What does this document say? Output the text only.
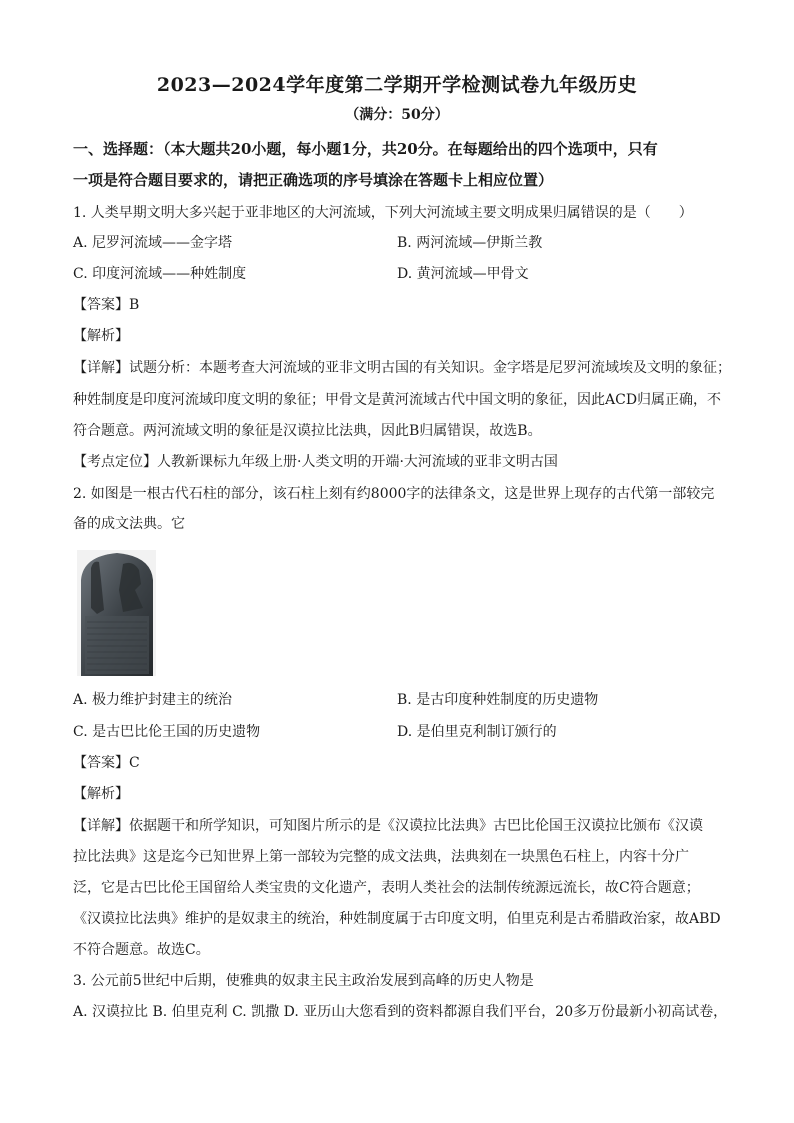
2023—2024学年度第二学期开学检测试卷九年级历史
（满分：50分）
一、选择题：（本大题共20小题，每小题1分，共20分。在每题给出的四个选项中，只有
一项是符合题目要求的，请把正确选项的序号填涂在答题卡上相应位置）
1. 人类早期文明大多兴起于亚非地区的大河流域，下列大河流域主要文明成果归属错误的是（　　）
A. 尼罗河流域——金字塔	B. 两河流域—伊斯兰教
C. 印度河流域——种姓制度	D. 黄河流域—甲骨文
【答案】B
【解析】
【详解】试题分析：本题考查大河流域的亚非文明古国的有关知识。金字塔是尼罗河流域埃及文明的象征；
种姓制度是印度河流域印度文明的象征；甲骨文是黄河流域古代中国文明的象征，因此ACD归属正确，不
符合题意。两河流域文明的象征是汉谟拉比法典，因此B归属错误，故选B。
【考点定位】人教新课标九年级上册·人类文明的开端·大河流域的亚非文明古国
2. 如图是一根古代石柱的部分，该石柱上刻有约8000字的法律条文，这是世界上现存的古代第一部较完
备的成文法典。它
A. 极力维护封建主的统治	B. 是古印度种姓制度的历史遗物
C. 是古巴比伦王国的历史遗物	D. 是伯里克利制订颁行的
【答案】C
【解析】
【详解】依据题干和所学知识，可知图片所示的是《汉谟拉比法典》古巴比伦国王汉谟拉比颁布《汉谟
拉比法典》这是迄今已知世界上第一部较为完整的成文法典，法典刻在一块黑色石柱上，内容十分广
泛，它是古巴比伦王国留给人类宝贵的文化遗产，表明人类社会的法制传统源远流长，故C符合题意；
《汉谟拉比法典》维护的是奴隶主的统治，种姓制度属于古印度文明，伯里克利是古希腊政治家，故ABD
不符合题意。故选C。
3. 公元前5世纪中后期，使雅典的奴隶主民主政治发展到高峰的历史人物是
A. 汉谟拉比 B. 伯里克利 C. 凯撒 D. 亚历山大您看到的资料都源自我们平台，20多万份最新小初高试卷，
